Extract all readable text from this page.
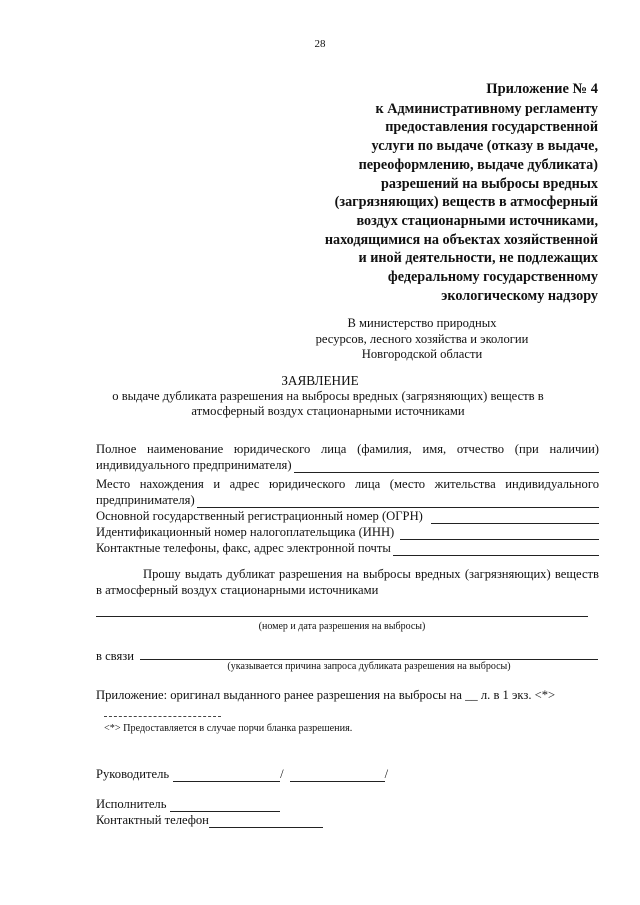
28
Приложение № 4
к Административному регламенту
предоставления государственной
услуги по выдаче (отказу в выдаче,
переоформлению, выдаче дубликата)
разрешений на выбросы вредных
(загрязняющих) веществ в атмосферный
воздух стационарными источниками,
находящимися на объектах хозяйственной
и иной деятельности, не подлежащих
федеральному государственному
экологическому надзору
В министерство природных
ресурсов, лесного хозяйства и экологии
Новгородской области
ЗАЯВЛЕНИЕ
о выдаче дубликата разрешения на выбросы вредных (загрязняющих) веществ в
атмосферный воздух стационарными источниками
Полное наименование юридического лица (фамилия, имя, отчество (при наличии)
индивидуального предпринимателя)
Место нахождения и адрес юридического лица (место жительства индивидуального
предпринимателя)
Основной государственный регистрационный номер (ОГРН)
Идентификационный номер налогоплательщика (ИНН)
Контактные телефоны, факс, адрес электронной почты
Прошу выдать дубликат разрешения на выбросы вредных (загрязняющих) веществ в атмосферный воздух стационарными источниками
(номер и дата разрешения на выбросы)
в связи
(указывается причина запроса дубликата разрешения на выбросы)
Приложение: оригинал выданного ранее разрешения на выбросы на __ л. в 1 экз. <*>
<*> Предоставляется в случае порчи бланка разрешения.
Руководитель	/	/
Исполнитель
Контактный телефон
